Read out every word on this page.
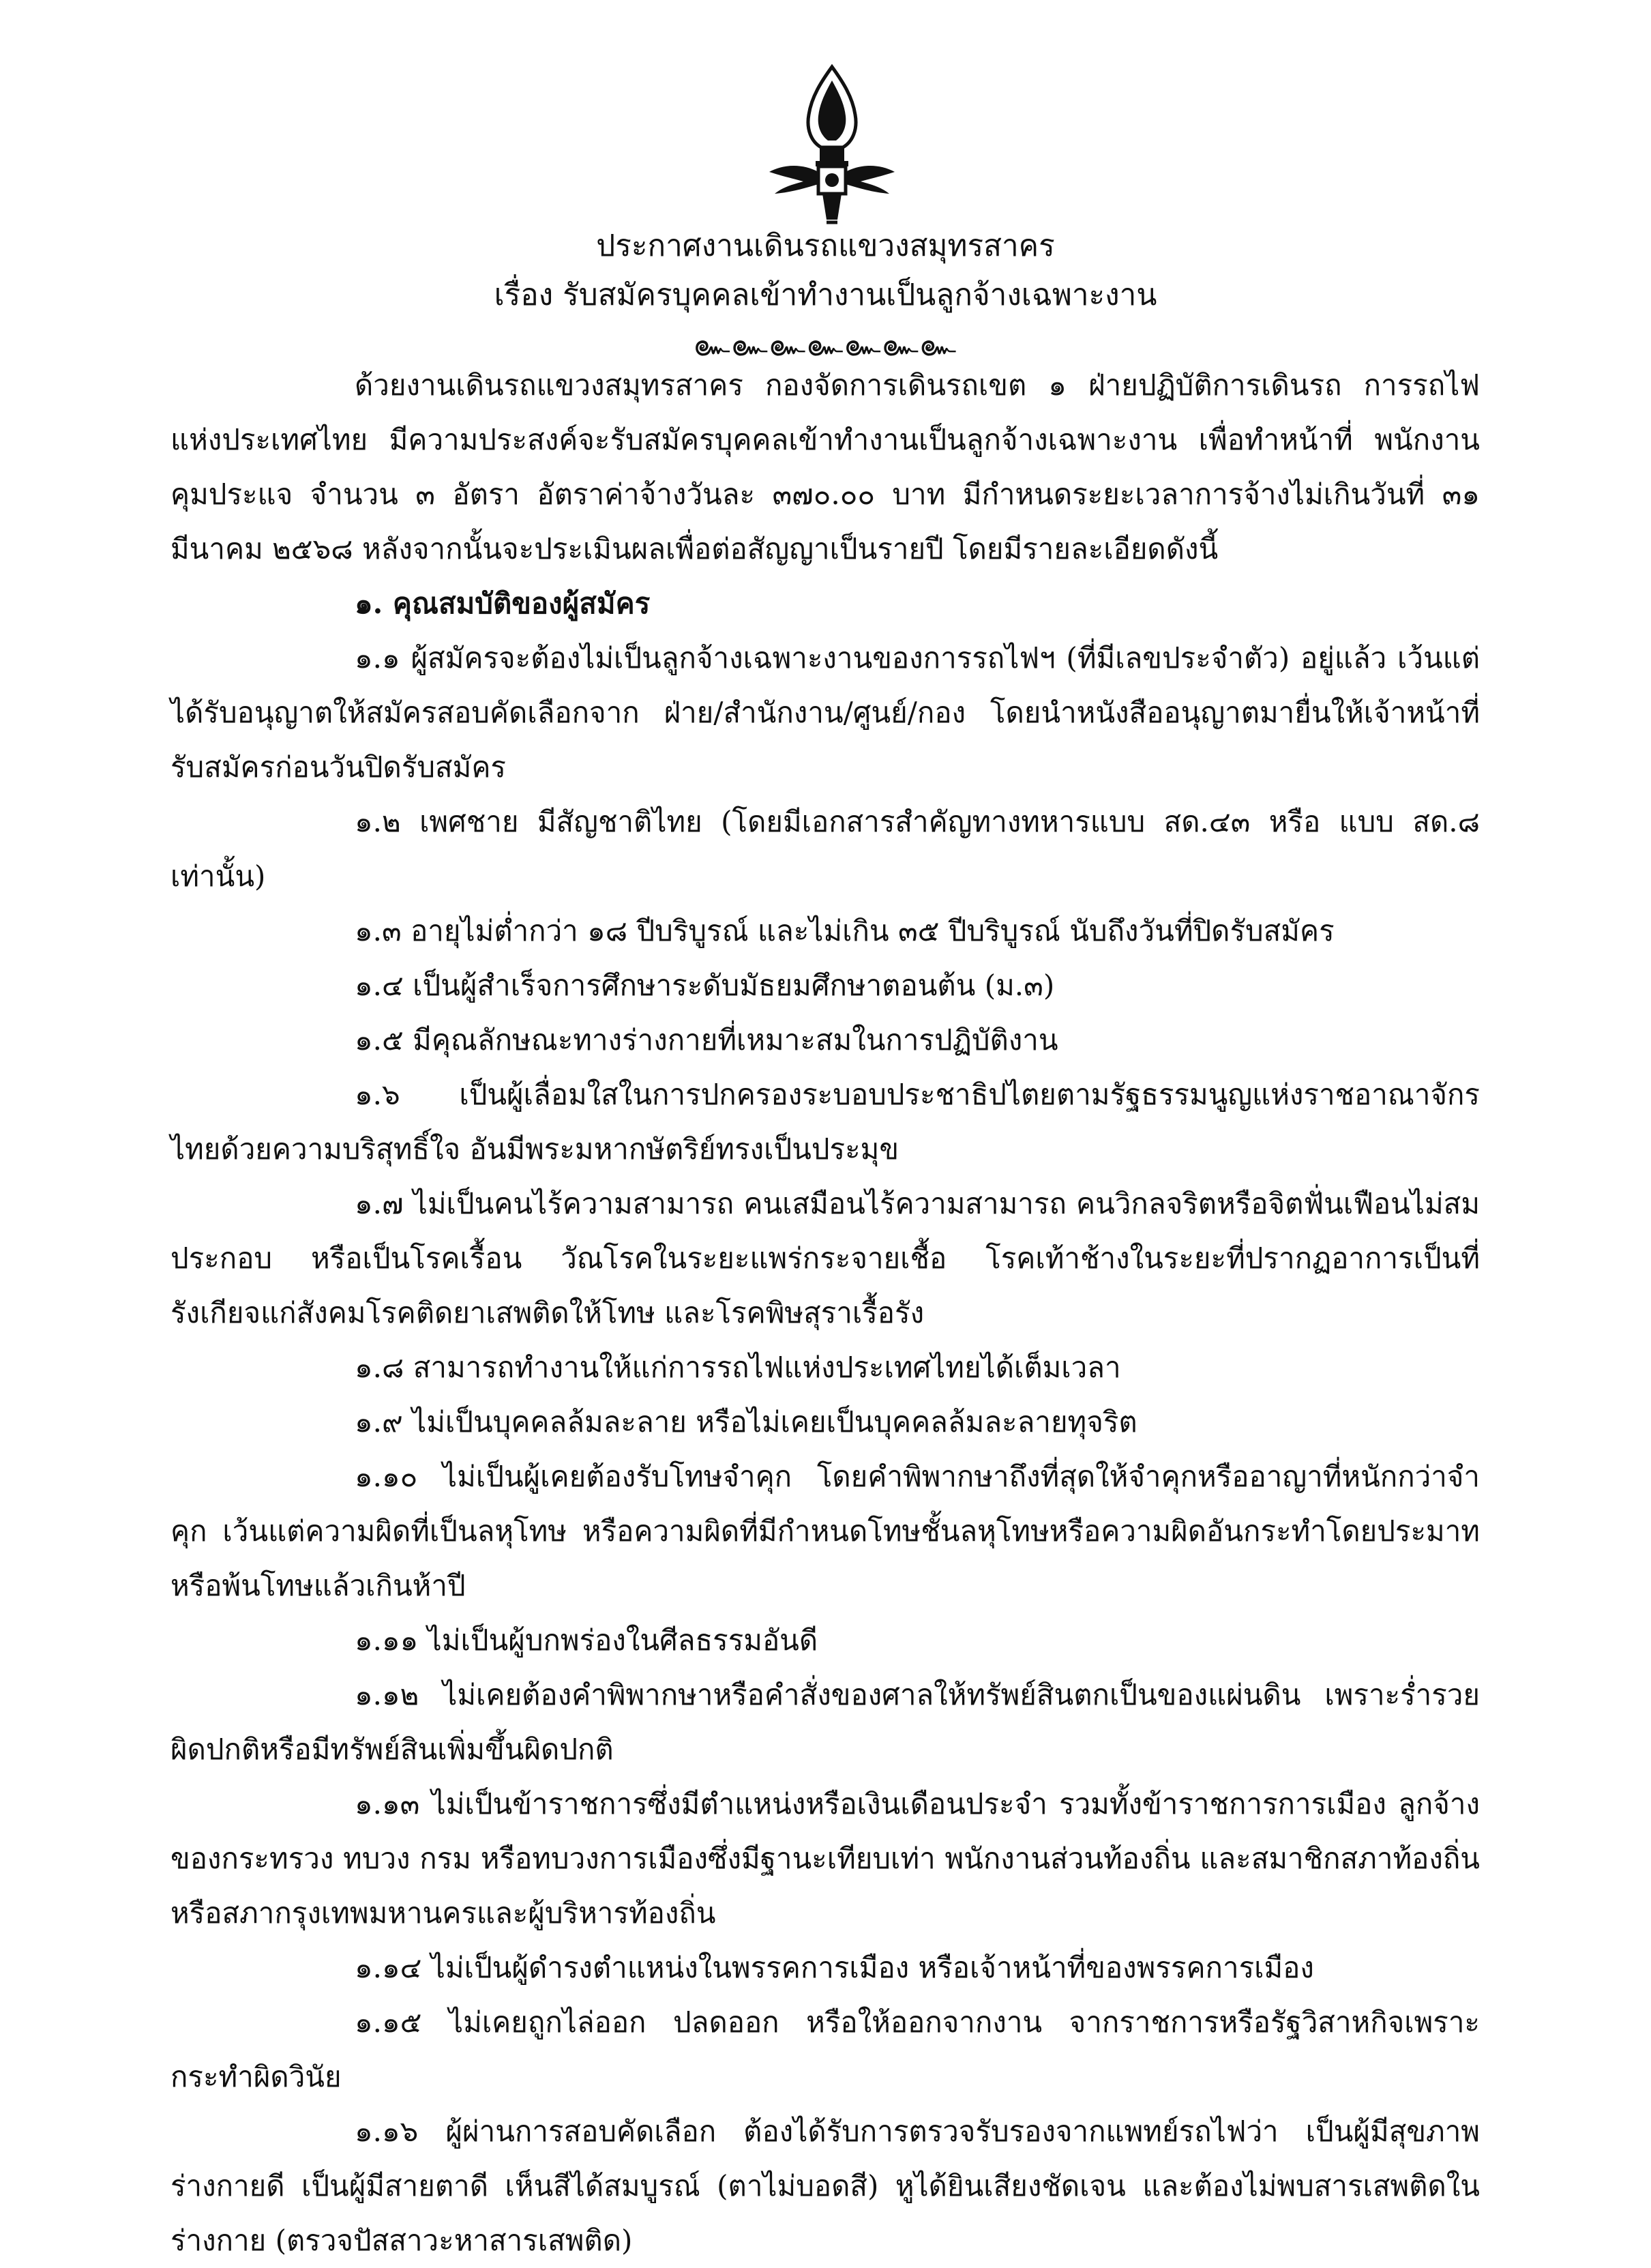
ประกาศงานเดินรถแขวงสมุทรสาคร
เรื่อง รับสมัครบุคคลเข้าทำงานเป็นลูกจ้างเฉพาะงาน
๛๛๛๛๛๛๛

ด้วยงานเดินรถแขวงสมุทรสาคร กองจัดการเดินรถเขต ๑ ฝ่ายปฏิบัติการเดินรถ การรถไฟแห่งประเทศไทย มีความประสงค์จะรับสมัครบุคคลเข้าทำงานเป็นลูกจ้างเฉพาะงาน เพื่อทำหน้าที่ พนักงานคุมประแจ จำนวน ๓ อัตรา อัตราค่าจ้างวันละ ๓๗๐.๐๐ บาท มีกำหนดระยะเวลาการจ้างไม่เกินวันที่ ๓๑ มีนาคม ๒๕๖๘ หลังจากนั้นจะประเมินผลเพื่อต่อสัญญาเป็นรายปี โดยมีรายละเอียดดังนี้

๑. คุณสมบัติของผู้สมัคร

๑.๑ ผู้สมัครจะต้องไม่เป็นลูกจ้างเฉพาะงานของการรถไฟฯ (ที่มีเลขประจำตัว) อยู่แล้ว เว้นแต่ได้รับอนุญาตให้สมัครสอบคัดเลือกจาก ฝ่าย/สำนักงาน/ศูนย์/กอง โดยนำหนังสืออนุญาตมายื่นให้เจ้าหน้าที่รับสมัครก่อนวันปิดรับสมัคร

๑.๒ เพศชาย มีสัญชาติไทย (โดยมีเอกสารสำคัญทางทหารแบบ สด.๔๓ หรือ แบบ สด.๘ เท่านั้น)

๑.๓ อายุไม่ต่ำกว่า ๑๘ ปีบริบูรณ์ และไม่เกิน ๓๕ ปีบริบูรณ์ นับถึงวันที่ปิดรับสมัคร

๑.๔ เป็นผู้สำเร็จการศึกษาระดับมัธยมศึกษาตอนต้น (ม.๓)

๑.๕ มีคุณลักษณะทางร่างกายที่เหมาะสมในการปฏิบัติงาน

๑.๖ เป็นผู้เลื่อมใสในการปกครองระบอบประชาธิปไตยตามรัฐธรรมนูญแห่งราชอาณาจักรไทยด้วยความบริสุทธิ์ใจ อันมีพระมหากษัตริย์ทรงเป็นประมุข

๑.๗ ไม่เป็นคนไร้ความสามารถ คนเสมือนไร้ความสามารถ คนวิกลจริตหรือจิตฟั่นเฟือนไม่สมประกอบ หรือเป็นโรคเรื้อน วัณโรคในระยะแพร่กระจายเชื้อ โรคเท้าช้างในระยะที่ปรากฏอาการเป็นที่รังเกียจแก่สังคมโรคติดยาเสพติดให้โทษ และโรคพิษสุราเรื้อรัง

๑.๘ สามารถทำงานให้แก่การรถไฟแห่งประเทศไทยได้เต็มเวลา

๑.๙ ไม่เป็นบุคคลล้มละลาย หรือไม่เคยเป็นบุคคลล้มละลายทุจริต

๑.๑๐ ไม่เป็นผู้เคยต้องรับโทษจำคุก โดยคำพิพากษาถึงที่สุดให้จำคุกหรืออาญาที่หนักกว่าจำคุก เว้นแต่ความผิดที่เป็นลหุโทษ หรือความผิดที่มีกำหนดโทษชั้นลหุโทษหรือความผิดอันกระทำโดยประมาท หรือพ้นโทษแล้วเกินห้าปี

๑.๑๑ ไม่เป็นผู้บกพร่องในศีลธรรมอันดี

๑.๑๒ ไม่เคยต้องคำพิพากษาหรือคำสั่งของศาลให้ทรัพย์สินตกเป็นของแผ่นดิน เพราะร่ำรวยผิดปกติหรือมีทรัพย์สินเพิ่มขึ้นผิดปกติ

๑.๑๓ ไม่เป็นข้าราชการซึ่งมีตำแหน่งหรือเงินเดือนประจำ รวมทั้งข้าราชการการเมือง ลูกจ้างของกระทรวง ทบวง กรม หรือทบวงการเมืองซึ่งมีฐานะเทียบเท่า พนักงานส่วนท้องถิ่น และสมาชิกสภาท้องถิ่นหรือสภากรุงเทพมหานครและผู้บริหารท้องถิ่น

๑.๑๔ ไม่เป็นผู้ดำรงตำแหน่งในพรรคการเมือง หรือเจ้าหน้าที่ของพรรคการเมือง

๑.๑๕ ไม่เคยถูกไล่ออก ปลดออก หรือให้ออกจากงาน จากราชการหรือรัฐวิสาหกิจเพราะกระทำผิดวินัย

๑.๑๖ ผู้ผ่านการสอบคัดเลือก ต้องได้รับการตรวจรับรองจากแพทย์รถไฟว่า เป็นผู้มีสุขภาพร่างกายดี เป็นผู้มีสายตาดี เห็นสีได้สมบูรณ์ (ตาไม่บอดสี) หูได้ยินเสียงชัดเจน และต้องไม่พบสารเสพติดในร่างกาย (ตรวจปัสสาวะหาสารเสพติด)
